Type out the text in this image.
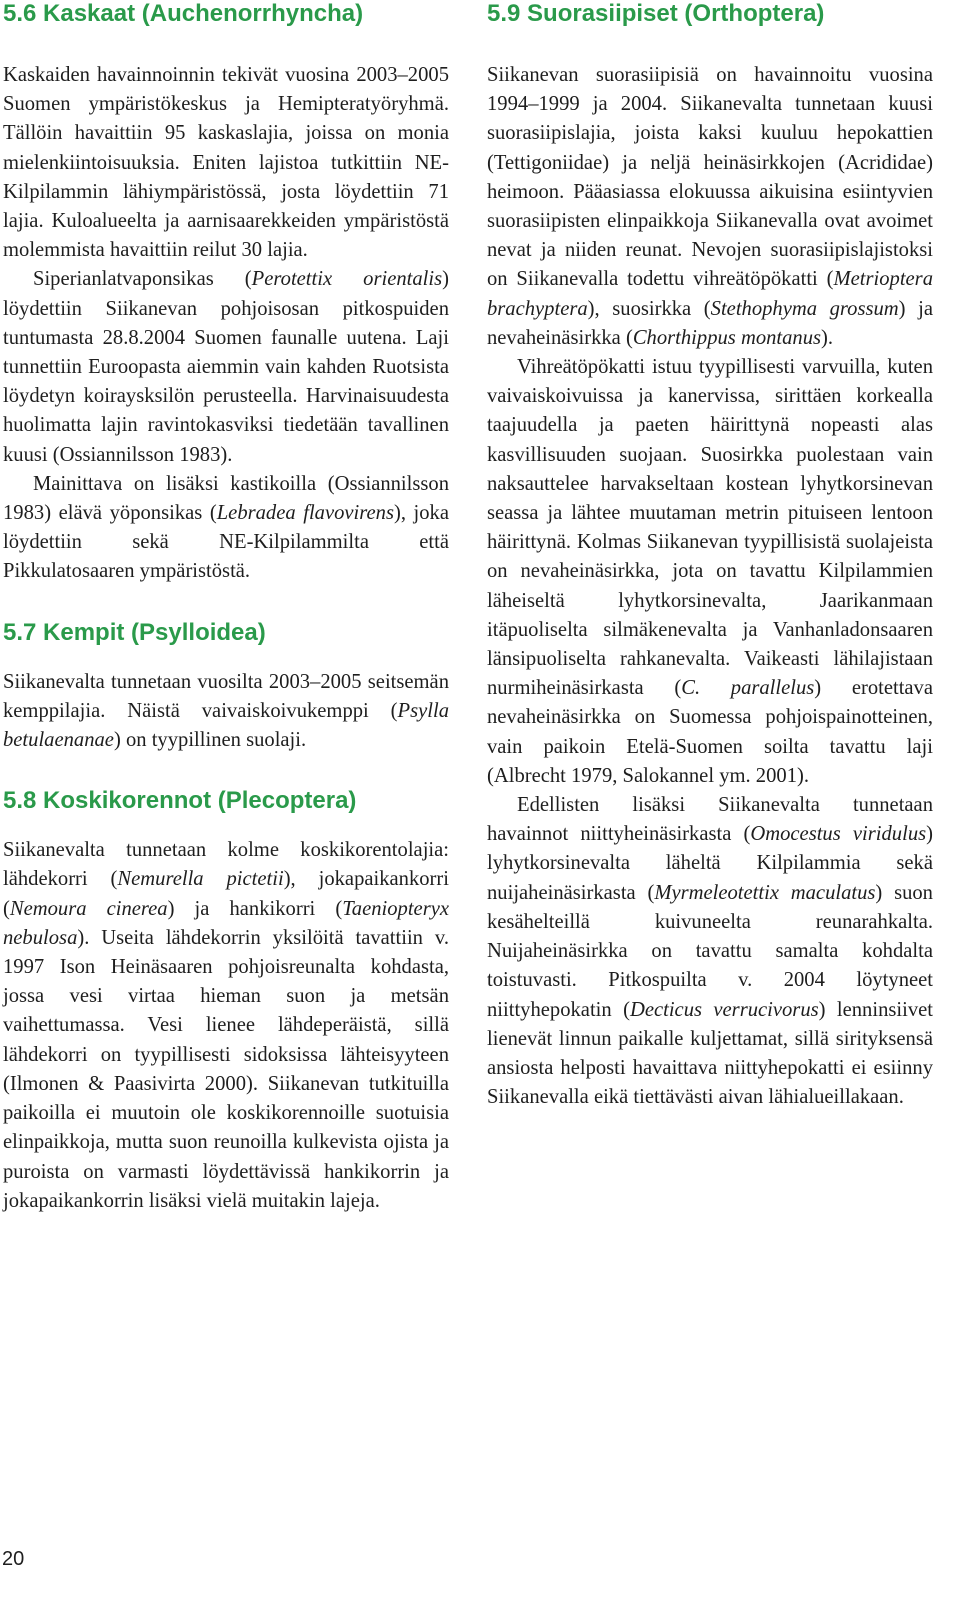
5.6 Kaskaat (Auchenorrhyncha)

Kaskaiden havainnoinnin tekivät vuosina 2003–2005 Suomen ympäristökeskus ja Hemipteratyöryhmä. Tällöin havaittiin 95 kaskaslajia, joissa on monia mielenkiintoisuuksia. Eniten lajistoa tutkittiin NE-Kilpilammin lähiympäristössä, josta löydettiin 71 lajia. Kuloalueelta ja aarnisaarekkeiden ympäristöstä molemmista havaittiin reilut 30 lajia.

Siperianlatvaponsikas (Perotettix orientalis) löydettiin Siikanevan pohjoisosan pitkospuiden tuntumasta 28.8.2004 Suomen faunalle uutena. Laji tunnettiin Euroopasta aiemmin vain kahden Ruotsista löydetyn koiraysksilön perusteella. Harvinaisuudesta huolimatta lajin ravintokasviksi tiedetään tavallinen kuusi (Ossiannilsson 1983).

Mainittava on lisäksi kastikoilla (Ossiannilsson 1983) elävä yöponsikas (Lebradea flavovirens), joka löydettiin sekä NE-Kilpilammilta että Pikkulatosaaren ympäristöstä.

5.7 Kempit (Psylloidea)

Siikanevalta tunnetaan vuosilta 2003–2005 seitsemän kemppilajia. Näistä vaivaiskoivukemppi (Psylla betulaenanae) on tyypillinen suolaji.

5.8 Koskikorennot (Plecoptera)

Siikanevalta tunnetaan kolme koskikorentolajia: lähdekorri (Nemurella pictetii), jokapaikankorri (Nemoura cinerea) ja hankikorri (Taeniopteryx nebulosa). Useita lähdekorrin yksilöitä tavattiin v. 1997 Ison Heinäsaaren pohjoisreunalta kohdasta, jossa vesi virtaa hieman suon ja metsän vaihettumassa. Vesi lienee lähdeperäistä, sillä lähdekorri on tyypillisesti sidoksissa lähteisyyteen (Ilmonen & Paasivirta 2000). Siikanevan tutkituilla paikoilla ei muutoin ole koskikorennoille suotuisia elinpaikkoja, mutta suon reunoilla kulkevista ojista ja puroista on varmasti löydettävissä hankikorrin ja jokapaikankorrin lisäksi vielä muitakin lajeja.

5.9 Suorasiipiset (Orthoptera)

Siikanevan suorasiipisiä on havainnoitu vuosina 1994–1999 ja 2004. Siikanevalta tunnetaan kuusi suorasiipislajia, joista kaksi kuuluu hepokattien (Tettigoniidae) ja neljä heinäsirkkojen (Acrididae) heimoon. Pääasiassa elokuussa aikuisina esiintyvien suorasiipisten elinpaikkoja Siikanevalla ovat avoimet nevat ja niiden reunat. Nevojen suorasiipislajistoksi on Siikanevalla todettu vihreätöpökatti (Metrioptera brachyptera), suosirkka (Stethophyma grossum) ja nevaheinäsirkka (Chorthippus montanus).

Vihreätöpökatti istuu tyypillisesti varvuilla, kuten vaivaiskoivuissa ja kanervissa, sirittäen korkealla taajuudella ja paeten häirittynä nopeasti alas kasvillisuuden suojaan. Suosirkka puolestaan vain naksauttelee harvakseltaan kostean lyhytkorsinevan seassa ja lähtee muutaman metrin pituiseen lentoon häirittynä. Kolmas Siikanevan tyypillisistä suolajeista on nevaheinäsirkka, jota on tavattu Kilpilammien läheiseltä lyhytkorsinevalta, Jaarikanmaan itäpuoliselta silmäkenevalta ja Vanhanladonsaaren länsipuoliselta rahkanevalta. Vaikeasti lähilajistaan nurmiheinäsirkasta (C. parallelus) erotettava nevaheinäsirkka on Suomessa pohjoispainotteinen, vain paikoin Etelä-Suomen soilta tavattu laji (Albrecht 1979, Salokannel ym. 2001).

Edellisten lisäksi Siikanevalta tunnetaan havainnot niittyheinäsirkasta (Omocestus viridulus) lyhytkorsinevalta läheltä Kilpilammia sekä nuijaheinäsirkasta (Myrmeleotettix maculatus) suon kesähelteillä kuivuneelta reunarahkalta. Nuijaheinäsirkka on tavattu samalta kohdalta toistuvasti. Pitkospuilta v. 2004 löytyneet niittyhepokatin (Decticus verrucivorus) lenninsiivet lienevät linnun paikalle kuljettamat, sillä sirityksensä ansiosta helposti havaittava niittyhepokatti ei esiinny Siikanevalla eikä tiettävästi aivan lähialueillakaan.

20
